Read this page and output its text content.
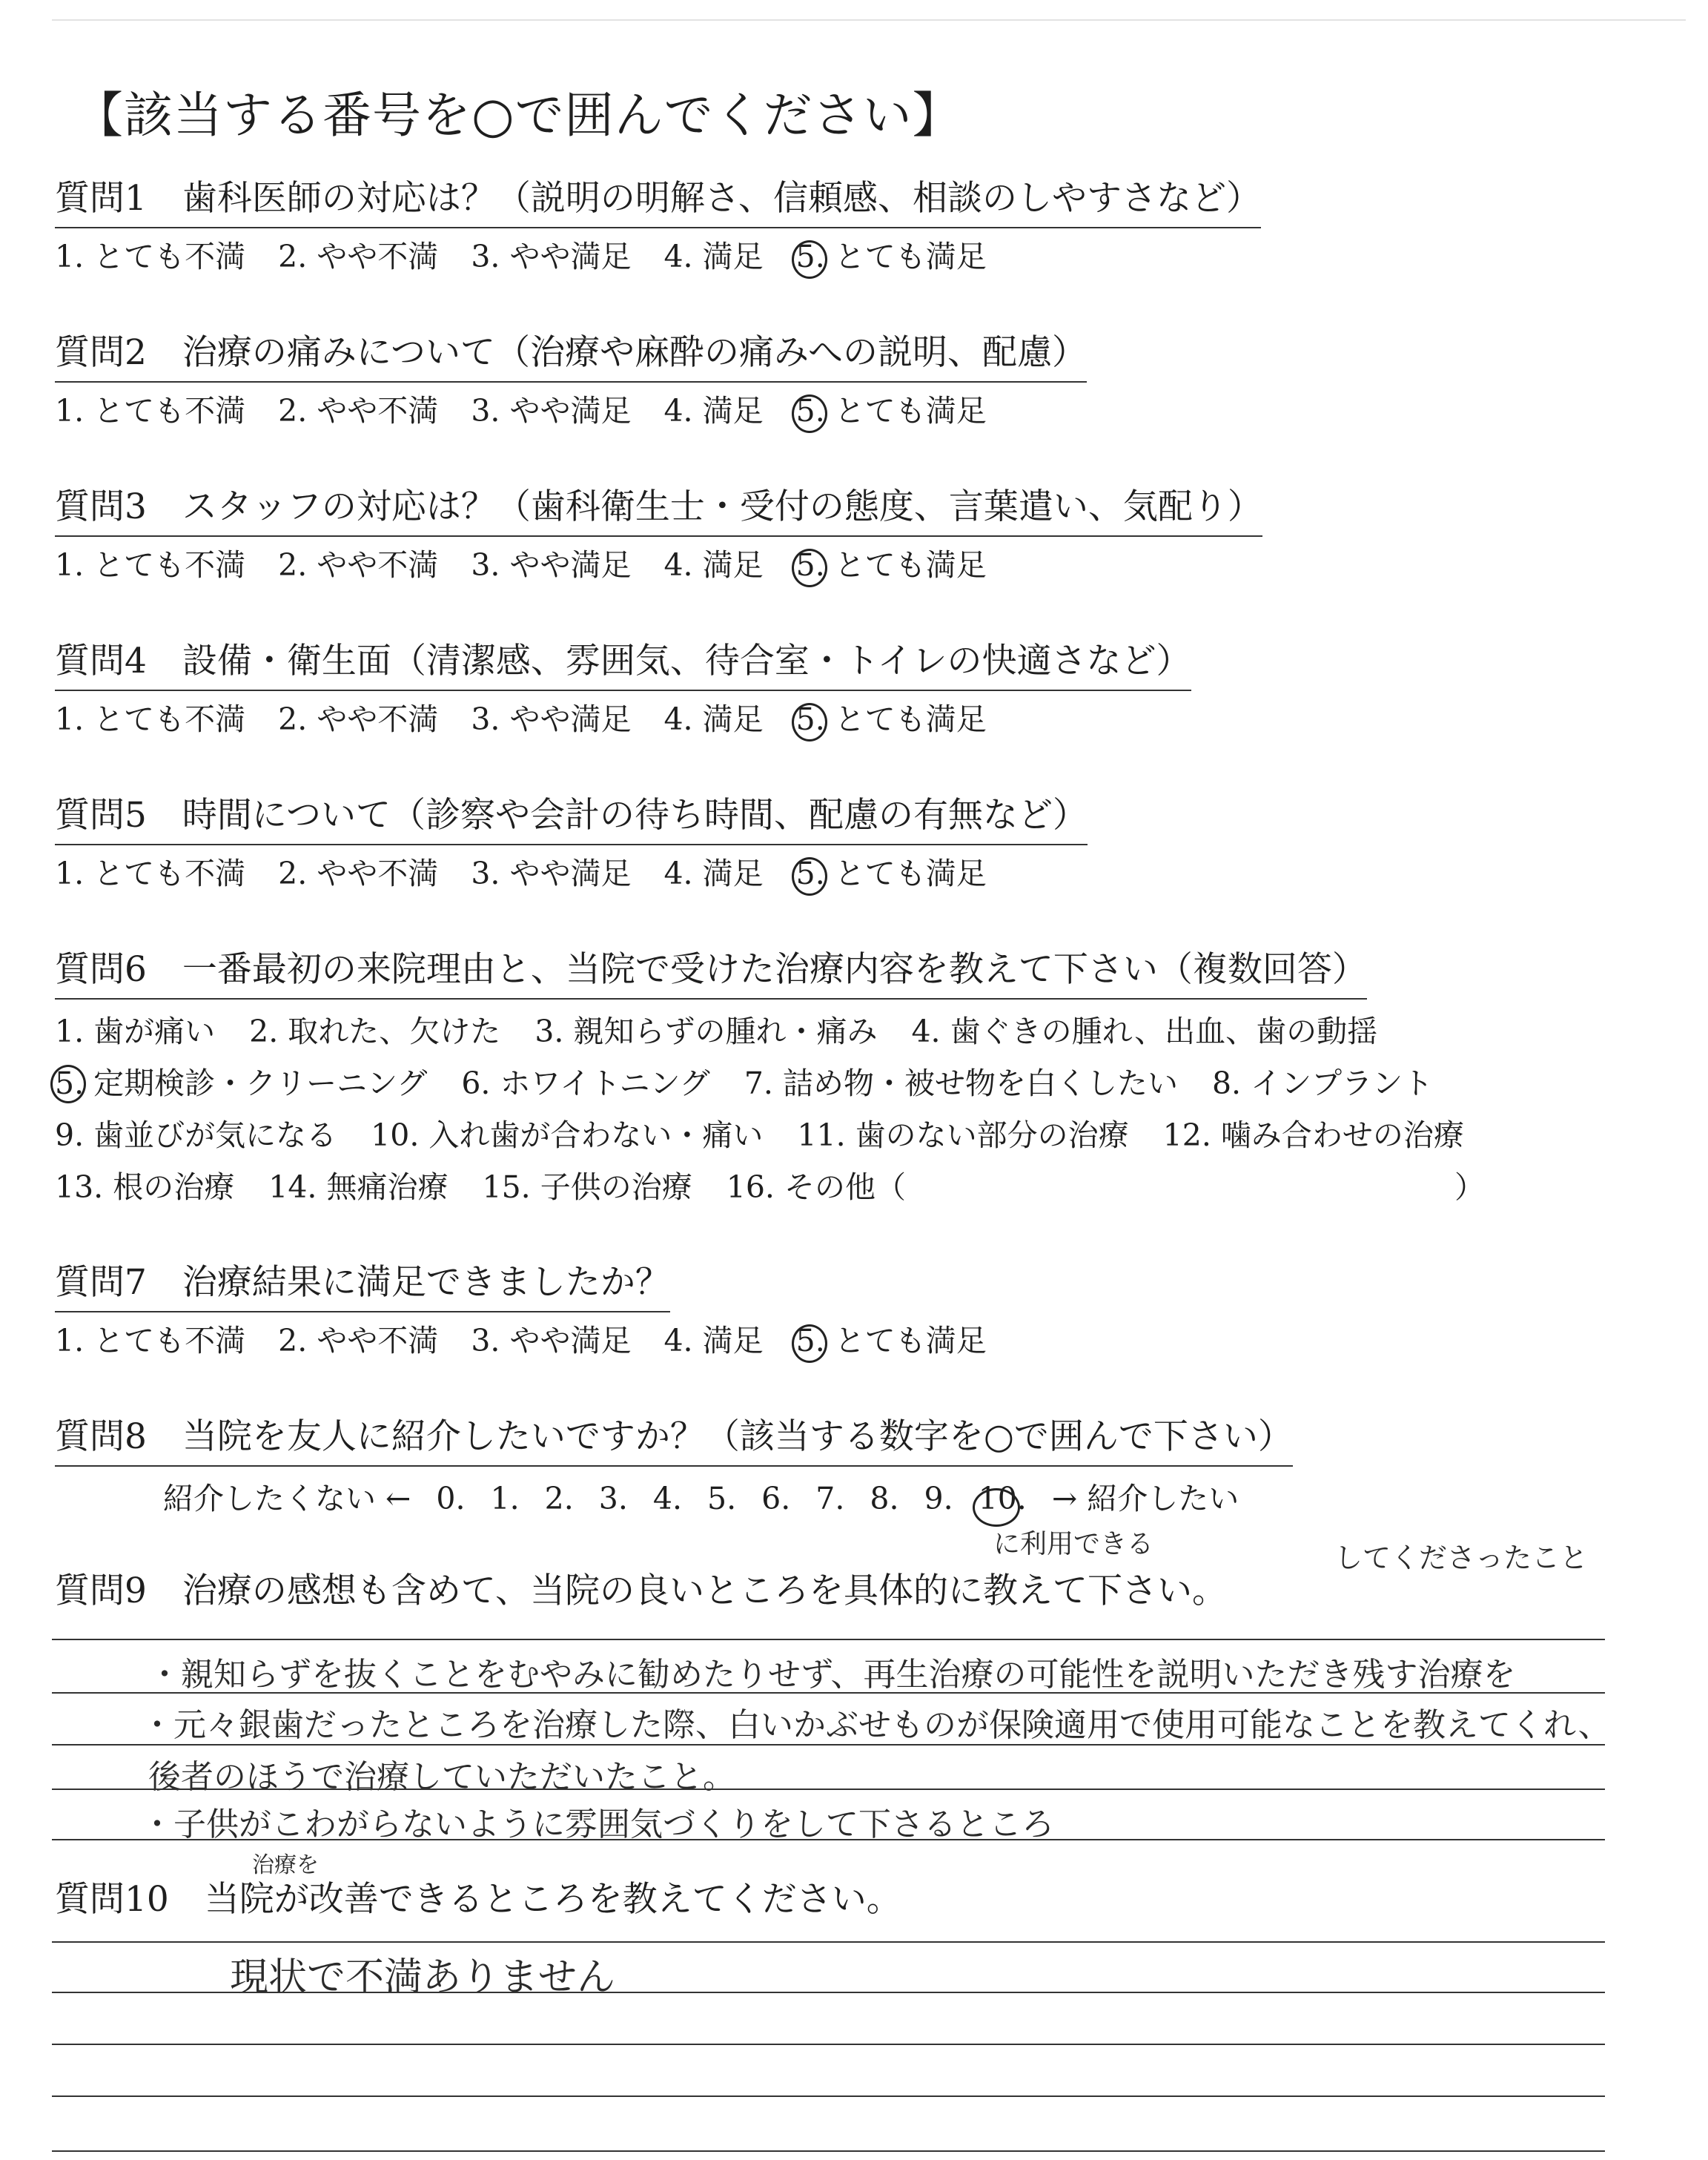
【該当する番号を○で囲んでください】
質問1 歯科医師の対応は？（説明の明解さ、信頼感、相談のしやすさなど）
1. とても不満 2. やや不満 3. やや満足 4. 満足 5. とても満足
質問2 治療の痛みについて（治療や麻酔の痛みへの説明、配慮）
1. とても不満 2. やや不満 3. やや満足 4. 満足 5. とても満足
質問3 スタッフの対応は？（歯科衛生士・受付の態度、言葉遣い、気配り）
1. とても不満 2. やや不満 3. やや満足 4. 満足 5. とても満足
質問4 設備・衛生面（清潔感、雰囲気、待合室・トイレの快適さなど）
1. とても不満 2. やや不満 3. やや満足 4. 満足 5. とても満足
質問5 時間について（診察や会計の待ち時間、配慮の有無など）
1. とても不満 2. やや不満 3. やや満足 4. 満足 5. とても満足
質問6 一番最初の来院理由と、当院で受けた治療内容を教えて下さい（複数回答）
1. 歯が痛い 2. 取れた、欠けた 3. 親知らずの腫れ・痛み 4. 歯ぐきの腫れ、出血、歯の動揺
5. 定期検診・クリーニング 6. ホワイトニング 7. 詰め物・被せ物を白くしたい 8. インプラント
9. 歯並びが気になる 10. 入れ歯が合わない・痛い 11. 歯のない部分の治療 12. 噛み合わせの治療
13. 根の治療 14. 無痛治療 15. 子供の治療 16. その他（	）
質問7 治療結果に満足できましたか？
1. とても不満 2. やや不満 3. やや満足 4. 満足 5. とても満足
質問8 当院を友人に紹介したいですか？（該当する数字を○で囲んで下さい）
紹介したくない ← 0. 1. 2. 3. 4. 5. 6. 7. 8. 9. 10. → 紹介したい
質問9 治療の感想も含めて、当院の良いところを具体的に教えて下さい。
に利用できる	してくださったこと
・親知らずを抜くことをむやみに勧めたりせず、再生治療の可能性を説明いただき残す治療を
・元々銀歯だったところを治療した際、白いかぶせものが保険適用で使用可能なことを教えてくれ、
後者のほうで治療していただいたこと。
・子供がこわがらないように雰囲気づくりをして下さるところ
治療を
質問10 当院が改善できるところを教えてください。
現状で不満ありません
